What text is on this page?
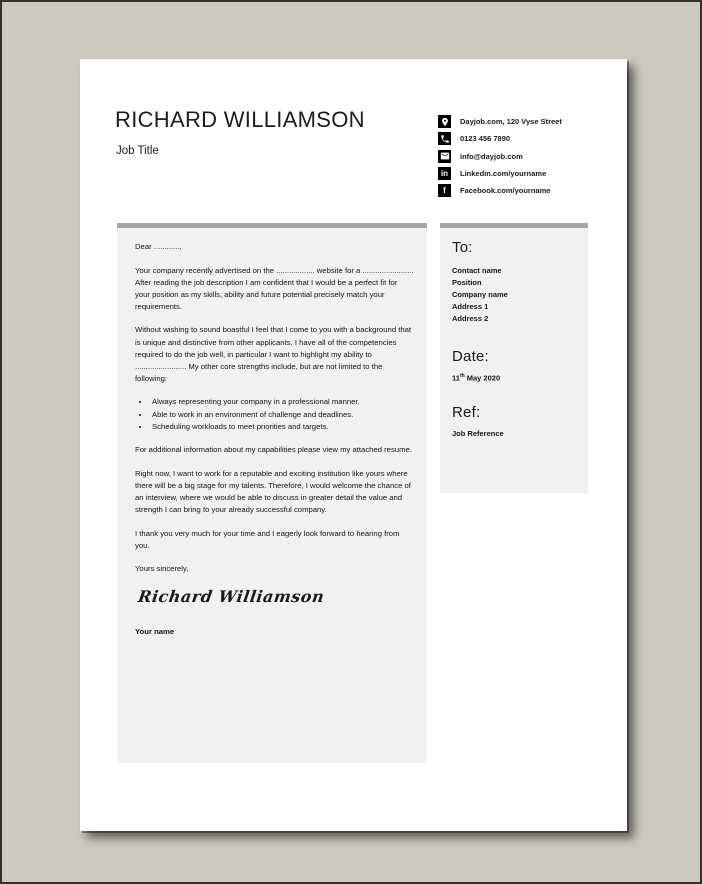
RICHARD WILLIAMSON
Job Title
Dayjob.com, 120 Vyse Street
0123 456 7890
info@dayjob.com
in	Linkedin.com/yourname
f	Facebook.com/yourname

Dear ............,

Your company recently advertised on the .................. website for a ........................ After reading the job description I am confident that I would be a perfect fit for your position as my skills, ability and future potential precisely match your requirements.

Without wishing to sound boastful I feel that I come to you with a background that is unique and distinctive from other applicants. I have all of the competencies required to do the job well, in particular I want to highlight my ability to ........................ My other core strengths include, but are not limited to the following:

• Always representing your company in a professional manner.
• Able to work in an environment of challenge and deadlines.
• Scheduling workloads to meet priorities and targets.

For additional information about my capabilities please view my attached resume.

Right now, I want to work for a reputable and exciting institution like yours where there will be a big stage for my talents. Therefore, I would welcome the chance of an interview, where we would be able to discuss in greater detail the value and strength I can bring to your already successful company.

I thank you very much for your time and I eagerly look forward to hearing from you.

Yours sincerely,

Richard Williamson
Your name
To:
Contact name
Position
Company name
Address 1
Address 2
Date:
11th May 2020
Ref:
Job Reference
